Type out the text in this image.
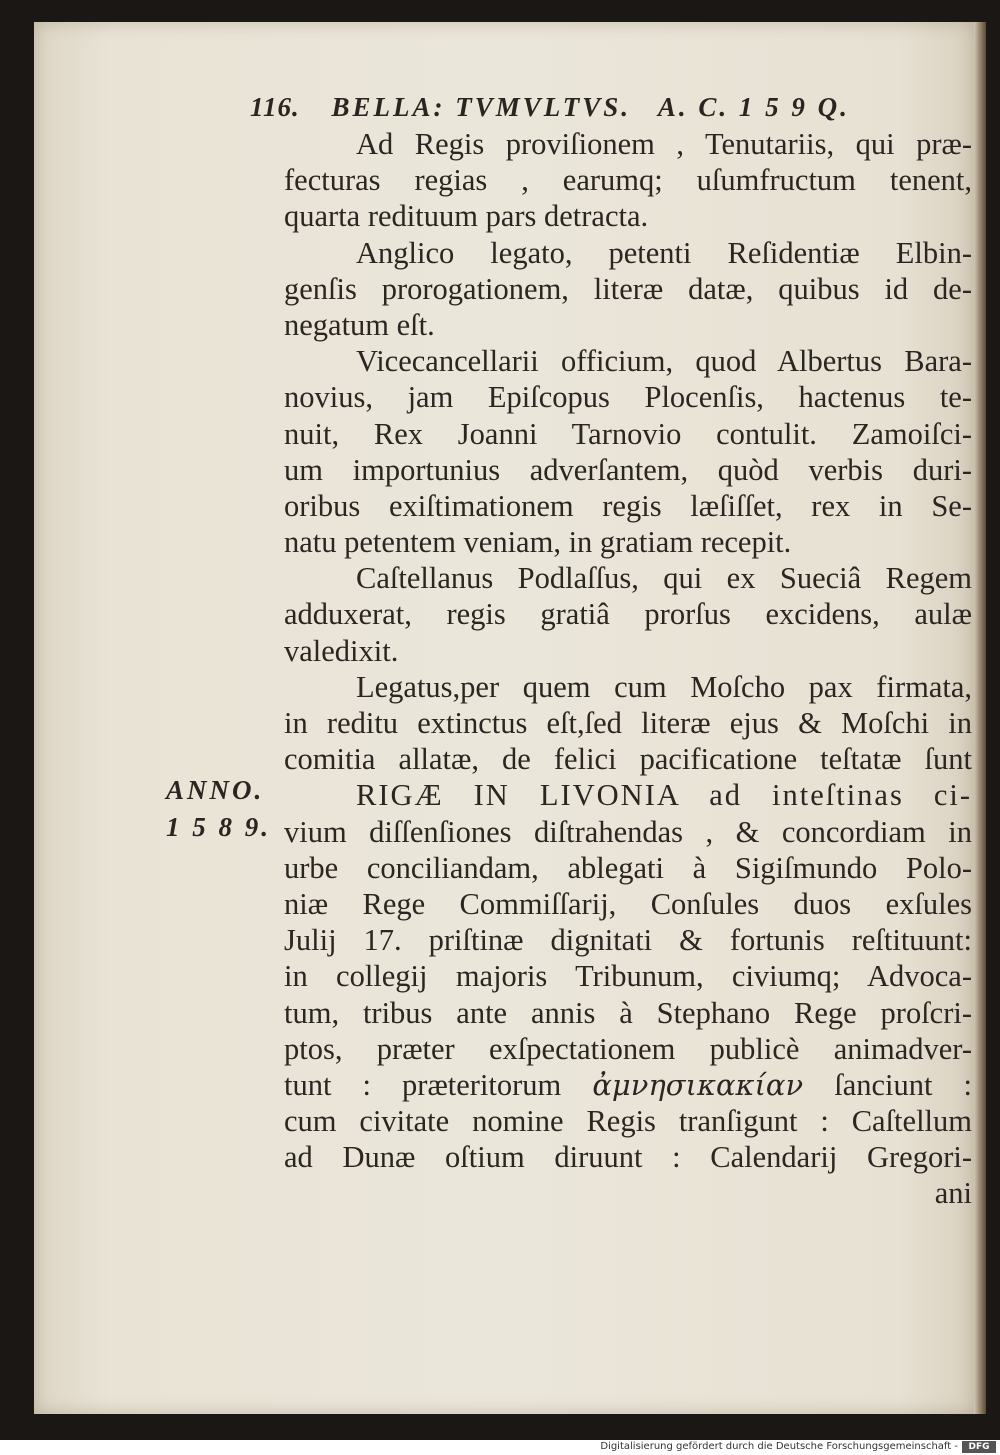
116. BELLA: TVMVLTVS. A. C. 1 5 9 Q.
ANNO.
1 5 8 9.
Ad Regis proviſionem , Tenutariis, qui præ-
fecturas regias , earumq; uſumfructum tenent,
quarta redituum pars detracta.
Anglico legato, petenti Reſidentiæ Elbin-
genſis prorogationem, literæ datæ, quibus id de-
negatum eſt.
Vicecancellarii officium, quod Albertus Bara-
novius, jam Epiſcopus Plocenſis, hactenus te-
nuit, Rex Joanni Tarnovio contulit. Zamoiſci-
um importunius adverſantem, quòd verbis duri-
oribus exiſtimationem regis læſiſſet, rex in Se-
natu petentem veniam, in gratiam recepit.
Caſtellanus Podlaſſus, qui ex Sueciâ Regem
adduxerat, regis gratiâ prorſus excidens, aulæ
valedixit.
Legatus,per quem cum Moſcho pax firmata,
in reditu extinctus eſt,ſed literæ ejus & Moſchi in
comitia allatæ, de felici pacificatione teſtatæ ſunt
RIGÆ IN LIVONIA ad inteſtinas ci-
vium diſſenſiones diſtrahendas , & concordiam in
urbe conciliandam, ablegati à Sigiſmundo Polo-
niæ Rege Commiſſarij, Conſules duos exſules
Julij 17. priſtinæ dignitati & fortunis reſtituunt:
in collegij majoris Tribunum, civiumq; Advoca-
tum, tribus ante annis à Stephano Rege proſcri-
ptos, præter exſpectationem publicè animadver-
tunt : præteritorum ἀμνησικακίαν ſanciunt :
cum civitate nomine Regis tranſigunt : Caſtellum
ad Dunæ oſtium diruunt : Calendarij Gregori-
ani
Digitalisierung gefördert durch die Deutsche Forschungsgemeinschaft -	DFG
